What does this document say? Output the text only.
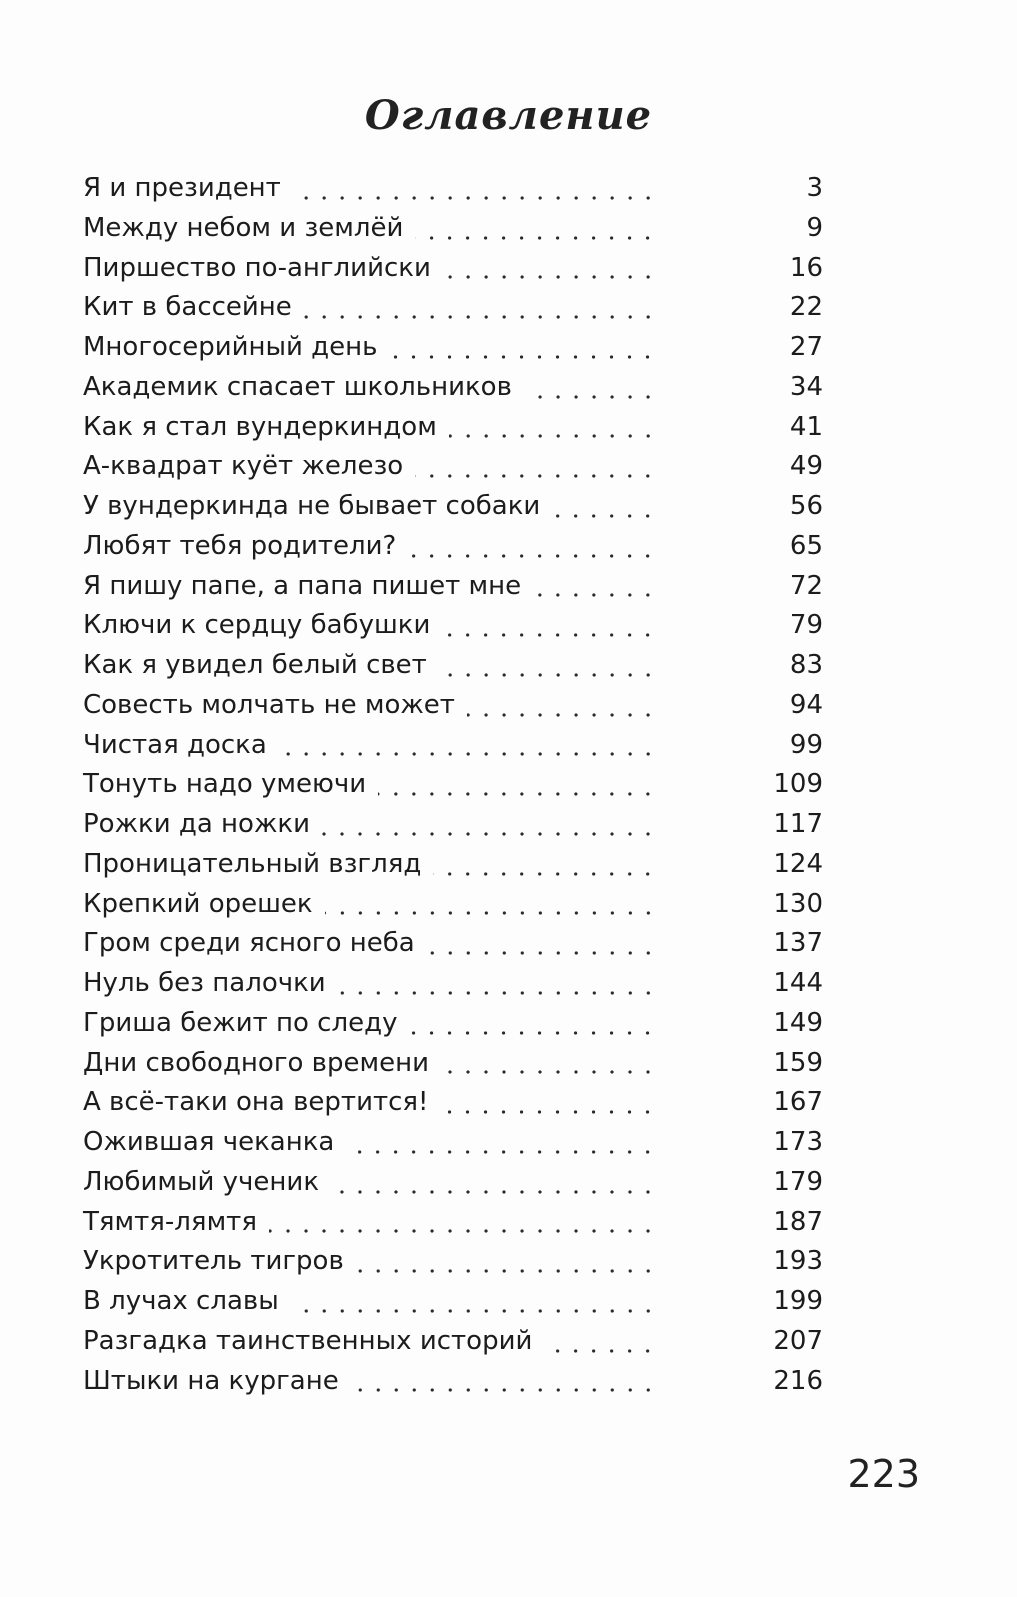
Оглавление
Я и президент	3
Между небом и землёй	9
Пиршество по-английски	16
Кит в бассейне	22
Многосерийный день	27
Академик спасает школьников	34
Как я стал вундеркиндом	41
А-квадрат куёт железо	49
У вундеркинда не бывает собаки	56
Любят тебя родители?	65
Я пишу папе, а папа пишет мне	72
Ключи к сердцу бабушки	79
Как я увидел белый свет	83
Совесть молчать не может	94
Чистая доска	99
Тонуть надо умеючи	109
Рожки да ножки	117
Проницательный взгляд	124
Крепкий орешек	130
Гром среди ясного неба	137
Нуль без палочки	144
Гриша бежит по следу	149
Дни свободного времени	159
А всё-таки она вертится!	167
Ожившая чеканка	173
Любимый ученик	179
Тямтя-лямтя	187
Укротитель тигров	193
В лучах славы	199
Разгадка таинственных историй	207
Штыки на кургане	216
223
